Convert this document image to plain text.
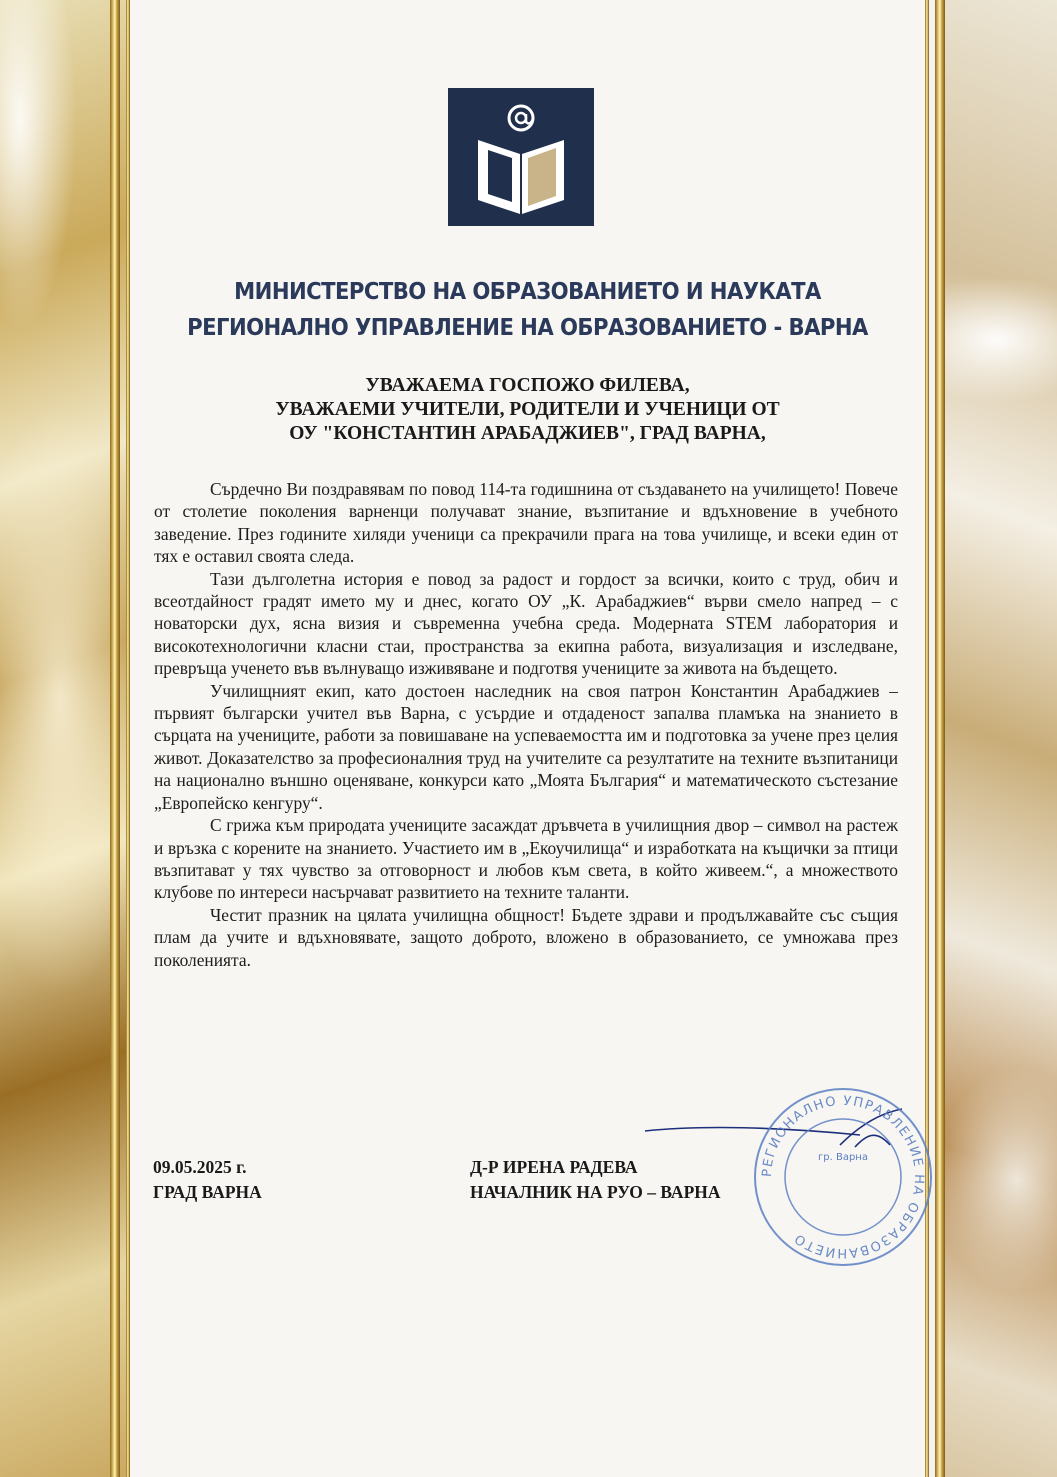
МИНИСТЕРСТВО НА ОБРАЗОВАНИЕТО И НАУКАТА
РЕГИОНАЛНО УПРАВЛЕНИЕ НА ОБРАЗОВАНИЕТО - ВАРНА
УВАЖАЕМА ГОСПОЖО ФИЛЕВА,
УВАЖАЕМИ УЧИТЕЛИ, РОДИТЕЛИ И УЧЕНИЦИ ОТ
ОУ "КОНСТАНТИН АРАБАДЖИЕВ", ГРАД ВАРНА,

Сърдечно Ви поздравявам по повод 114-та годишнина от създаването на училището! Повече от столетие поколения варненци получават знание, възпитание и вдъхновение в учебното заведение. През годините хиляди ученици са прекрачили прага на това училище, и всеки един от тях е оставил своята следа.

Тази дълголетна история е повод за радост и гордост за всички, които с труд, обич и всеотдайност градят името му и днес, когато ОУ „К. Арабаджиев“ върви смело напред – с новаторски дух, ясна визия и съвременна учебна среда. Модерната STEM лаборатория и високотехнологични класни стаи, пространства за екипна работа, визуализация и изследване, превръща ученето във вълнуващо изживяване и подготвя учениците за живота на бъдещето.

Училищният екип, като достоен наследник на своя патрон Константин Арабаджиев – първият български учител във Варна, с усърдие и отдаденост запалва пламъка на знанието в сърцата на учениците, работи за повишаване на успеваемостта им и подготовка за учене през целия живот. Доказателство за професионалния труд на учителите са резултатите на техните възпитаници на национално външно оценяване, конкурси като „Моята България“ и математическото състезание „Европейско кенгуру“.

С грижа към природата учениците засаждат дръвчета в училищния двор – символ на растеж и връзка с корените на знанието. Участието им в „Екоучилища“ и изработката на къщички за птици възпитават у тях чувство за отговорност и любов към света, в който живеем.“, а множеството клубове по интереси насърчават развитието на техните таланти.

Честит празник на цялата училищна общност! Бъдете здрави и продължавайте със същия плам да учите и вдъхновявате, защото доброто, вложено в образованието, се умножава през поколенията.

РЕГИОНАЛНО УПРАВЛЕНИЕ НА ОБРАЗОВАНИЕТО
гр. Варна
09.05.2025 г.
ГРАД ВАРНА
Д-Р ИРЕНА РАДЕВА
НАЧАЛНИК НА РУО – ВАРНА
